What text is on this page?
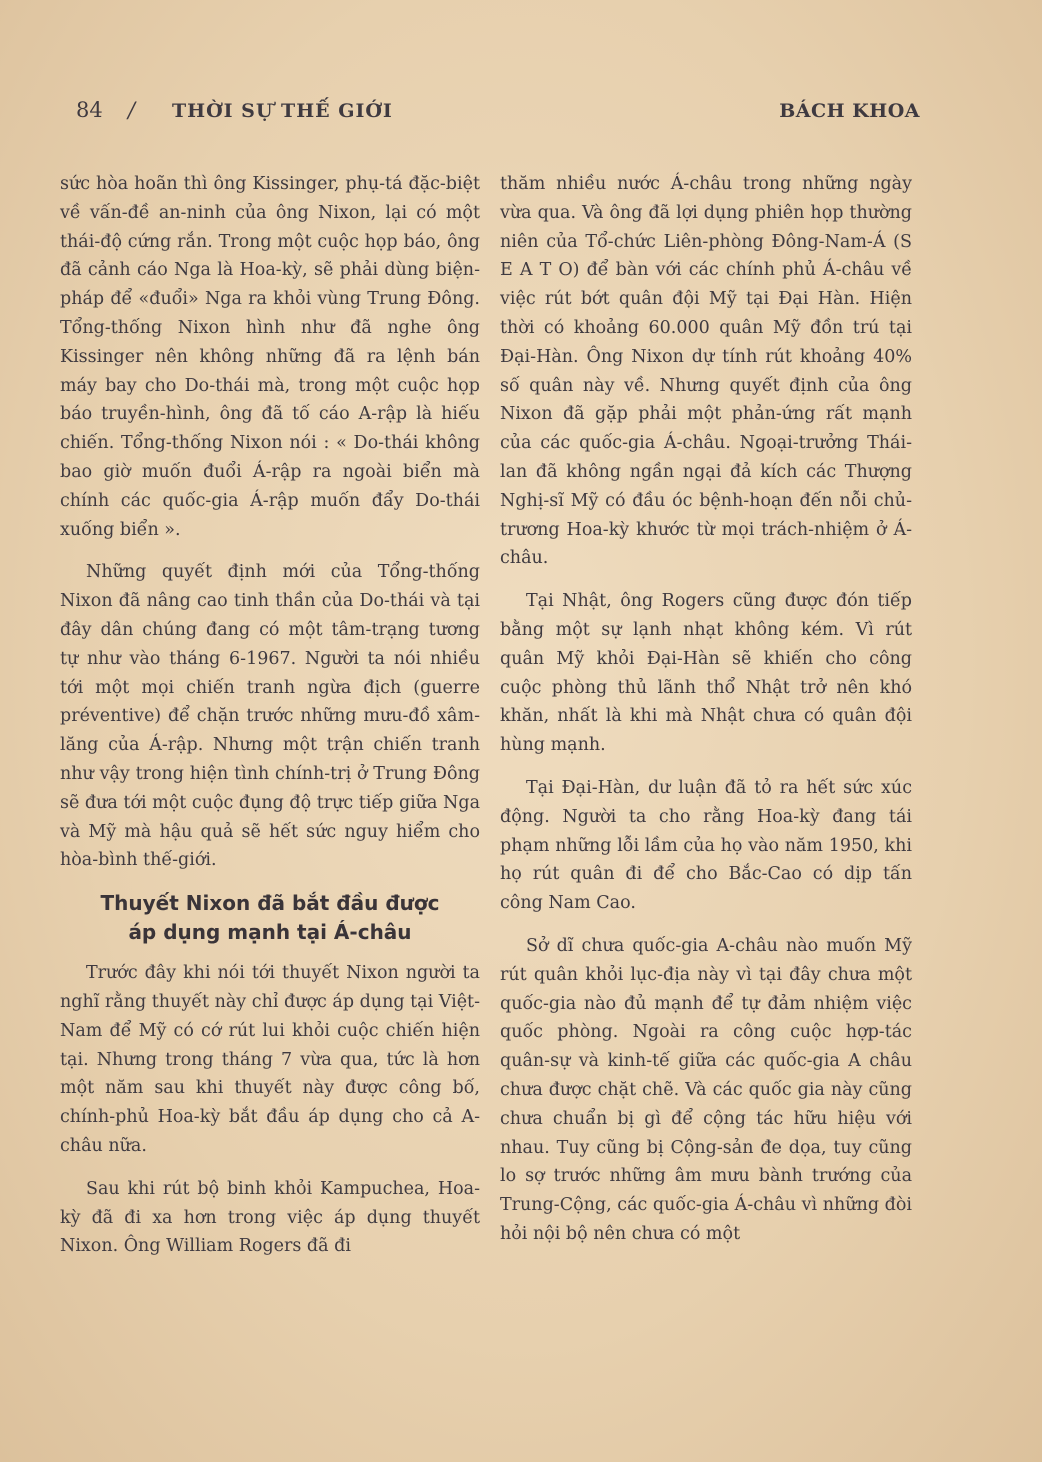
84 / THỜI SỰ THẾ GIỚI	BÁCH KHOA

sức hòa hoãn thì ông Kissinger, phụ-tá đặc-biệt về vấn-đề an-ninh của ông Nixon, lại có một thái-độ cứng rắn. Trong một cuộc họp báo, ông đã cảnh cáo Nga là Hoa-kỳ, sẽ phải dùng biện-pháp để «đuổi» Nga ra khỏi vùng Trung Đông. Tổng-thống Nixon hình như đã nghe ông Kissinger nên không những đã ra lệnh bán máy bay cho Do-thái mà, trong một cuộc họp báo truyền-hình, ông đã tố cáo A-rập là hiếu chiến. Tổng-thống Nixon nói : « Do-thái không bao giờ muốn đuổi Á-rập ra ngoài biển mà chính các quốc-gia Á-rập muốn đẩy Do-thái xuống biển ».

Những quyết định mới của Tổng-thống Nixon đã nâng cao tinh thần của Do-thái và tại đây dân chúng đang có một tâm-trạng tương tự như vào tháng 6-1967. Người ta nói nhiều tới một mọi chiến tranh ngừa địch (guerre préventive) để chặn trước những mưu-đồ xâm-lăng của Á-rập. Nhưng một trận chiến tranh như vậy trong hiện tình chính-trị ở Trung Đông sẽ đưa tới một cuộc đụng độ trực tiếp giữa Nga và Mỹ mà hậu quả sẽ hết sức nguy hiểm cho hòa-bình thế-giới.

Thuyết Nixon đã bắt đầu được
áp dụng mạnh tại Á-châu

Trước đây khi nói tới thuyết Nixon người ta nghĩ rằng thuyết này chỉ được áp dụng tại Việt-Nam để Mỹ có cớ rút lui khỏi cuộc chiến hiện tại. Nhưng trong tháng 7 vừa qua, tức là hơn một năm sau khi thuyết này được công bố, chính-phủ Hoa-kỳ bắt đầu áp dụng cho cả A-châu nữa.

Sau khi rút bộ binh khỏi Kampuchea, Hoa-kỳ đã đi xa hơn trong việc áp dụng thuyết Nixon. Ông William Rogers đã đi

thăm nhiều nước Á-châu trong những ngày vừa qua. Và ông đã lợi dụng phiên họp thường niên của Tổ-chức Liên-phòng Đông-Nam-Á (S E A T O) để bàn với các chính phủ Á-châu về việc rút bớt quân đội Mỹ tại Đại Hàn. Hiện thời có khoảng 60.000 quân Mỹ đồn trú tại Đại-Hàn. Ông Nixon dự tính rút khoảng 40% số quân này về. Nhưng quyết định của ông Nixon đã gặp phải một phản-ứng rất mạnh của các quốc-gia Á-châu. Ngoại-trưởng Thái-lan đã không ngần ngại đả kích các Thượng Nghị-sĩ Mỹ có đầu óc bệnh-hoạn đến nỗi chủ-trương Hoa-kỳ khước từ mọi trách-nhiệm ở Á-châu.

Tại Nhật, ông Rogers cũng được đón tiếp bằng một sự lạnh nhạt không kém. Vì rút quân Mỹ khỏi Đại-Hàn sẽ khiến cho công cuộc phòng thủ lãnh thổ Nhật trở nên khó khăn, nhất là khi mà Nhật chưa có quân đội hùng mạnh.

Tại Đại-Hàn, dư luận đã tỏ ra hết sức xúc động. Người ta cho rằng Hoa-kỳ đang tái phạm những lỗi lầm của họ vào năm 1950, khi họ rút quân đi để cho Bắc-Cao có dịp tấn công Nam Cao.

Sở dĩ chưa quốc-gia A-châu nào muốn Mỹ rút quân khỏi lục-địa này vì tại đây chưa một quốc-gia nào đủ mạnh để tự đảm nhiệm việc quốc phòng. Ngoài ra công cuộc hợp-tác quân-sự và kinh-tế giữa các quốc-gia A châu chưa được chặt chẽ. Và các quốc gia này cũng chưa chuẩn bị gì để cộng tác hữu hiệu với nhau. Tuy cũng bị Cộng-sản đe dọa, tuy cũng lo sợ trước những âm mưu bành trướng của Trung-Cộng, các quốc-gia Á-châu vì những đòi hỏi nội bộ nên chưa có một
